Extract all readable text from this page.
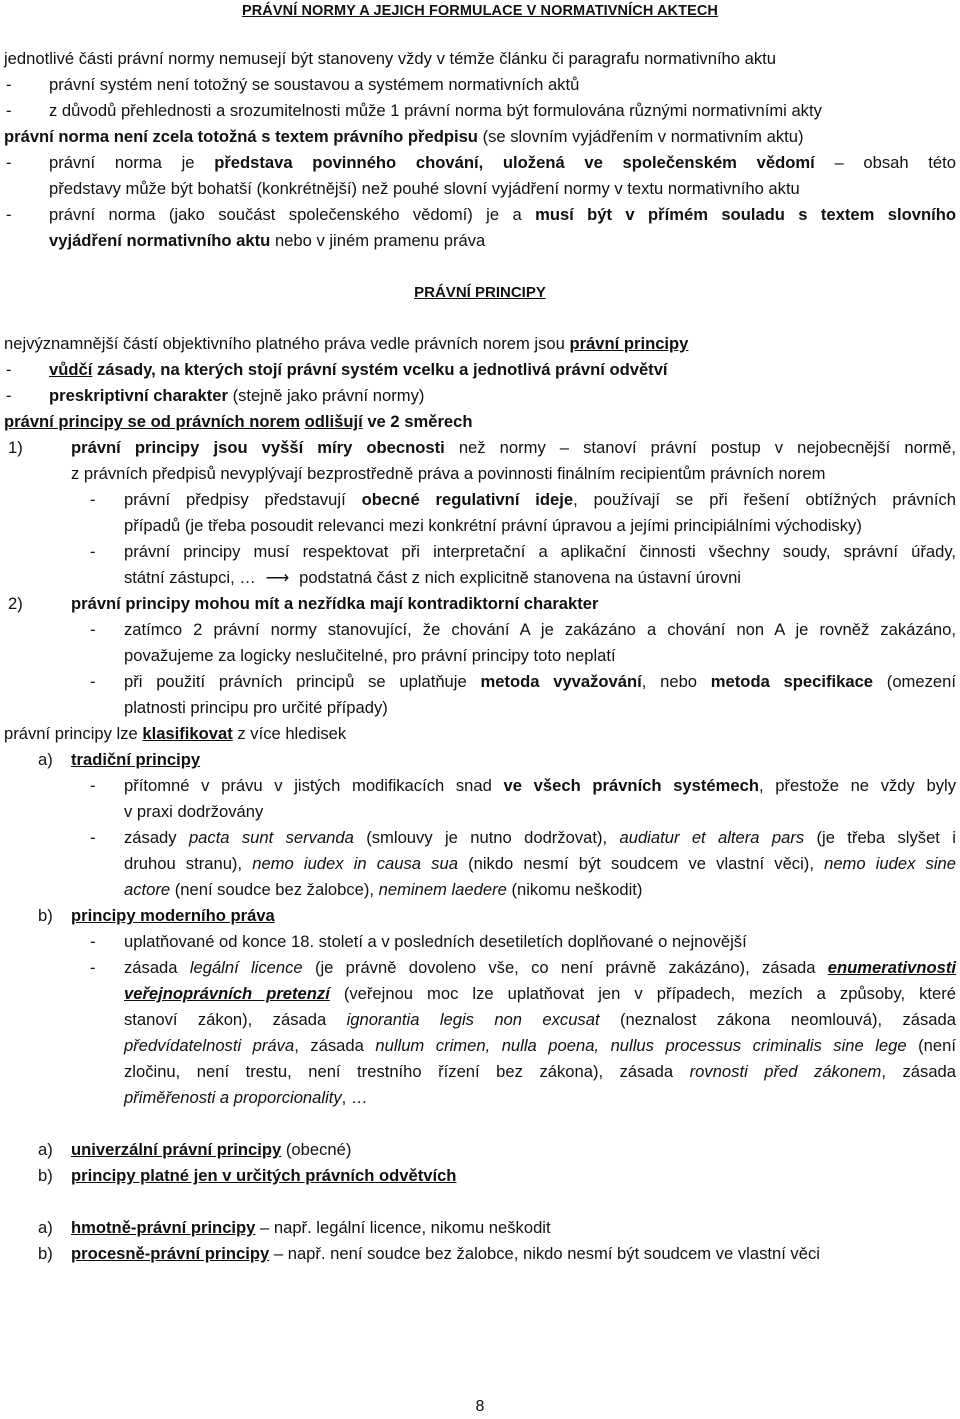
PRÁVNÍ NORMY A JEJICH FORMULACE V NORMATIVNÍCH AKTECH
jednotlivé části právní normy nemusejí být stanoveny vždy v témže článku či paragrafu normativního aktu
- právní systém není totožný se soustavou a systémem normativních aktů
- z důvodů přehlednosti a srozumitelnosti může 1 právní norma být formulována různými normativními akty
právní norma není zcela totožná s textem právního předpisu (se slovním vyjádřením v normativním aktu)
- právní norma je představa povinného chování, uložená ve společenském vědomí – obsah této
představy může být bohatší (konkrétnější) než pouhé slovní vyjádření normy v textu normativního aktu
- právní norma (jako součást společenského vědomí) je a musí být v přímém souladu s textem slovního
vyjádření normativního aktu nebo v jiném pramenu práva
PRÁVNÍ PRINCIPY
nejvýznamnější částí objektivního platného práva vedle právních norem jsou právní principy
- vůdčí zásady, na kterých stojí právní systém vcelku a jednotlivá právní odvětví
- preskriptivní charakter (stejně jako právní normy)
právní principy se od právních norem odlišují ve 2 směrech
1)	právní principy jsou vyšší míry obecnosti než normy – stanoví právní postup v nejobecnější normě,
z právních předpisů nevyplývají bezprostředně práva a povinnosti finálním recipientům právních norem
- právní předpisy představují obecné regulativní ideje, používají se při řešení obtížných právních
případů (je třeba posoudit relevanci mezi konkrétní právní úpravou a jejími principiálními východisky)
- právní principy musí respektovat při interpretační a aplikační činnosti všechny soudy, správní úřady,
státní zástupci, … ⟶ podstatná část z nich explicitně stanovena na ústavní úrovni
2)	právní principy mohou mít a nezřídka mají kontradiktorní charakter
- zatímco 2 právní normy stanovující, že chování A je zakázáno a chování non A je rovněž zakázáno,
považujeme za logicky neslučitelné, pro právní principy toto neplatí
- při použití právních principů se uplatňuje metoda vyvažování, nebo metoda specifikace (omezení
platnosti principu pro určité případy)
právní principy lze klasifikovat z více hledisek
a) tradiční principy
- přítomné v právu v jistých modifikacích snad ve všech právních systémech, přestože ne vždy byly
v praxi dodržovány
- zásady pacta sunt servanda (smlouvy je nutno dodržovat), audiatur et altera pars (je třeba slyšet i
druhou stranu), nemo iudex in causa sua (nikdo nesmí být soudcem ve vlastní věci), nemo iudex sine
actore (není soudce bez žalobce), neminem laedere (nikomu neškodit)
b) principy moderního práva
- uplatňované od konce 18. století a v posledních desetiletích doplňované o nejnovější
- zásada legální licence (je právně dovoleno vše, co není právně zakázáno), zásada enumerativnosti
veřejnoprávních pretenzí (veřejnou moc lze uplatňovat jen v případech, mezích a způsoby, které
stanoví zákon), zásada ignorantia legis non excusat (neznalost zákona neomlouvá), zásada
předvídatelnosti práva, zásada nullum crimen, nulla poena, nullus processus criminalis sine lege (není
zločinu, není trestu, není trestního řízení bez zákona), zásada rovnosti před zákonem, zásada
přiměřenosti a proporcionality, …
a) univerzální právní principy (obecné)
b) principy platné jen v určitých právních odvětvích
a) hmotně-právní principy – např. legální licence, nikomu neškodit
b) procesně-právní principy – např. není soudce bez žalobce, nikdo nesmí být soudcem ve vlastní věci
8
